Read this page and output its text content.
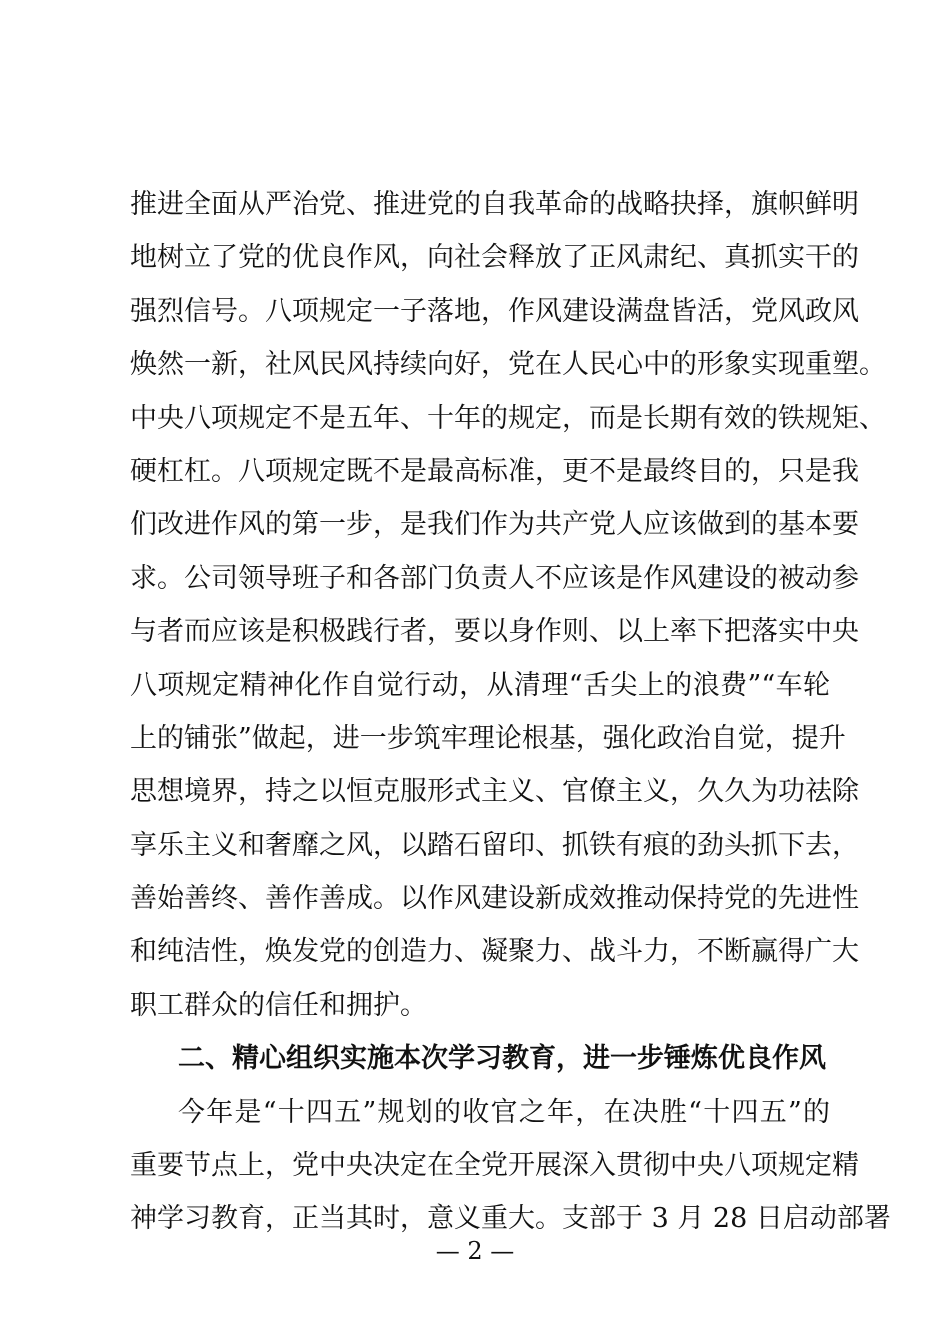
推进全面从严治党、推进党的自我革命的战略抉择，旗帜鲜明
地树立了党的优良作风，向社会释放了正风肃纪、真抓实干的
强烈信号。八项规定一子落地，作风建设满盘皆活，党风政风
焕然一新，社风民风持续向好，党在人民心中的形象实现重塑。
中央八项规定不是五年、十年的规定，而是长期有效的铁规矩、
硬杠杠。八项规定既不是最高标准，更不是最终目的，只是我
们改进作风的第一步，是我们作为共产党人应该做到的基本要
求。公司领导班子和各部门负责人不应该是作风建设的被动参
与者而应该是积极践行者，要以身作则、以上率下把落实中央
八项规定精神化作自觉行动，从清理“舌尖上的浪费”“车轮
上的铺张”做起，进一步筑牢理论根基，强化政治自觉，提升
思想境界，持之以恒克服形式主义、官僚主义，久久为功祛除
享乐主义和奢靡之风，以踏石留印、抓铁有痕的劲头抓下去，
善始善终、善作善成。以作风建设新成效推动保持党的先进性
和纯洁性，焕发党的创造力、凝聚力、战斗力，不断赢得广大
职工群众的信任和拥护。
二、精心组织实施本次学习教育，进一步锤炼优良作风
今年是“十四五”规划的收官之年，在决胜“十四五”的
重要节点上，党中央决定在全党开展深入贯彻中央八项规定精
神学习教育，正当其时，意义重大。支部于 3 月 28 日启动部署
— 2 —
